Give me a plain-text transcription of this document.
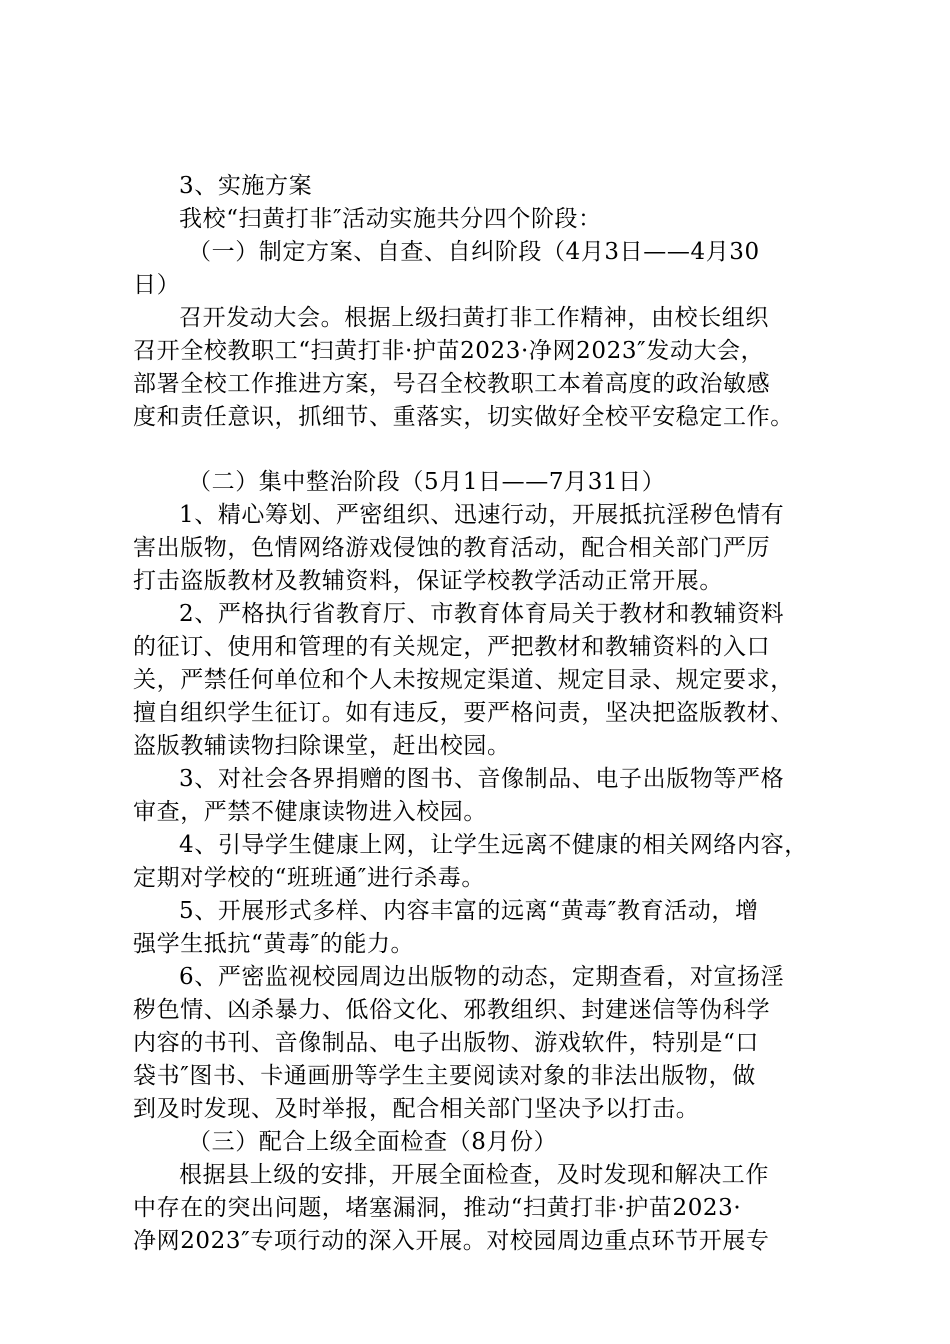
3、实施方案
我校“扫黄打非″活动实施共分四个阶段：
（一）制定方案、自查、自纠阶段（4月3日——4月30
日）
召开发动大会。根据上级扫黄打非工作精神，由校长组织
召开全校教职工“扫黄打非·护苗2023·净网2023″发动大会，
部署全校工作推进方案，号召全校教职工本着高度的政治敏感
度和责任意识，抓细节、重落实，切实做好全校平安稳定工作。
（二）集中整治阶段（5月1日——7月31日）
1、精心筹划、严密组织、迅速行动，开展抵抗淫秽色情有
害出版物，色情网络游戏侵蚀的教育活动，配合相关部门严厉
打击盗版教材及教辅资料，保证学校教学活动正常开展。
2、严格执行省教育厅、市教育体育局关于教材和教辅资料
的征订、使用和管理的有关规定，严把教材和教辅资料的入口
关，严禁任何单位和个人未按规定渠道、规定目录、规定要求，
擅自组织学生征订。如有违反，要严格问责，坚决把盗版教材、
盗版教辅读物扫除课堂，赶出校园。
3、对社会各界捐赠的图书、音像制品、电子出版物等严格
审查，严禁不健康读物进入校园。
4、引导学生健康上网，让学生远离不健康的相关网络内容，
定期对学校的“班班通″进行杀毒。
5、开展形式多样、内容丰富的远离“黄毒″教育活动，增
强学生抵抗“黄毒″的能力。
6、严密监视校园周边出版物的动态，定期查看，对宣扬淫
秽色情、凶杀暴力、低俗文化、邪教组织、封建迷信等伪科学
内容的书刊、音像制品、电子出版物、游戏软件，特别是“口
袋书″图书、卡通画册等学生主要阅读对象的非法出版物，做
到及时发现、及时举报，配合相关部门坚决予以打击。
（三）配合上级全面检查（8月份）
根据县上级的安排，开展全面检查，及时发现和解决工作
中存在的突出问题，堵塞漏洞，推动“扫黄打非·护苗2023·
净网2023″专项行动的深入开展。对校园周边重点环节开展专
